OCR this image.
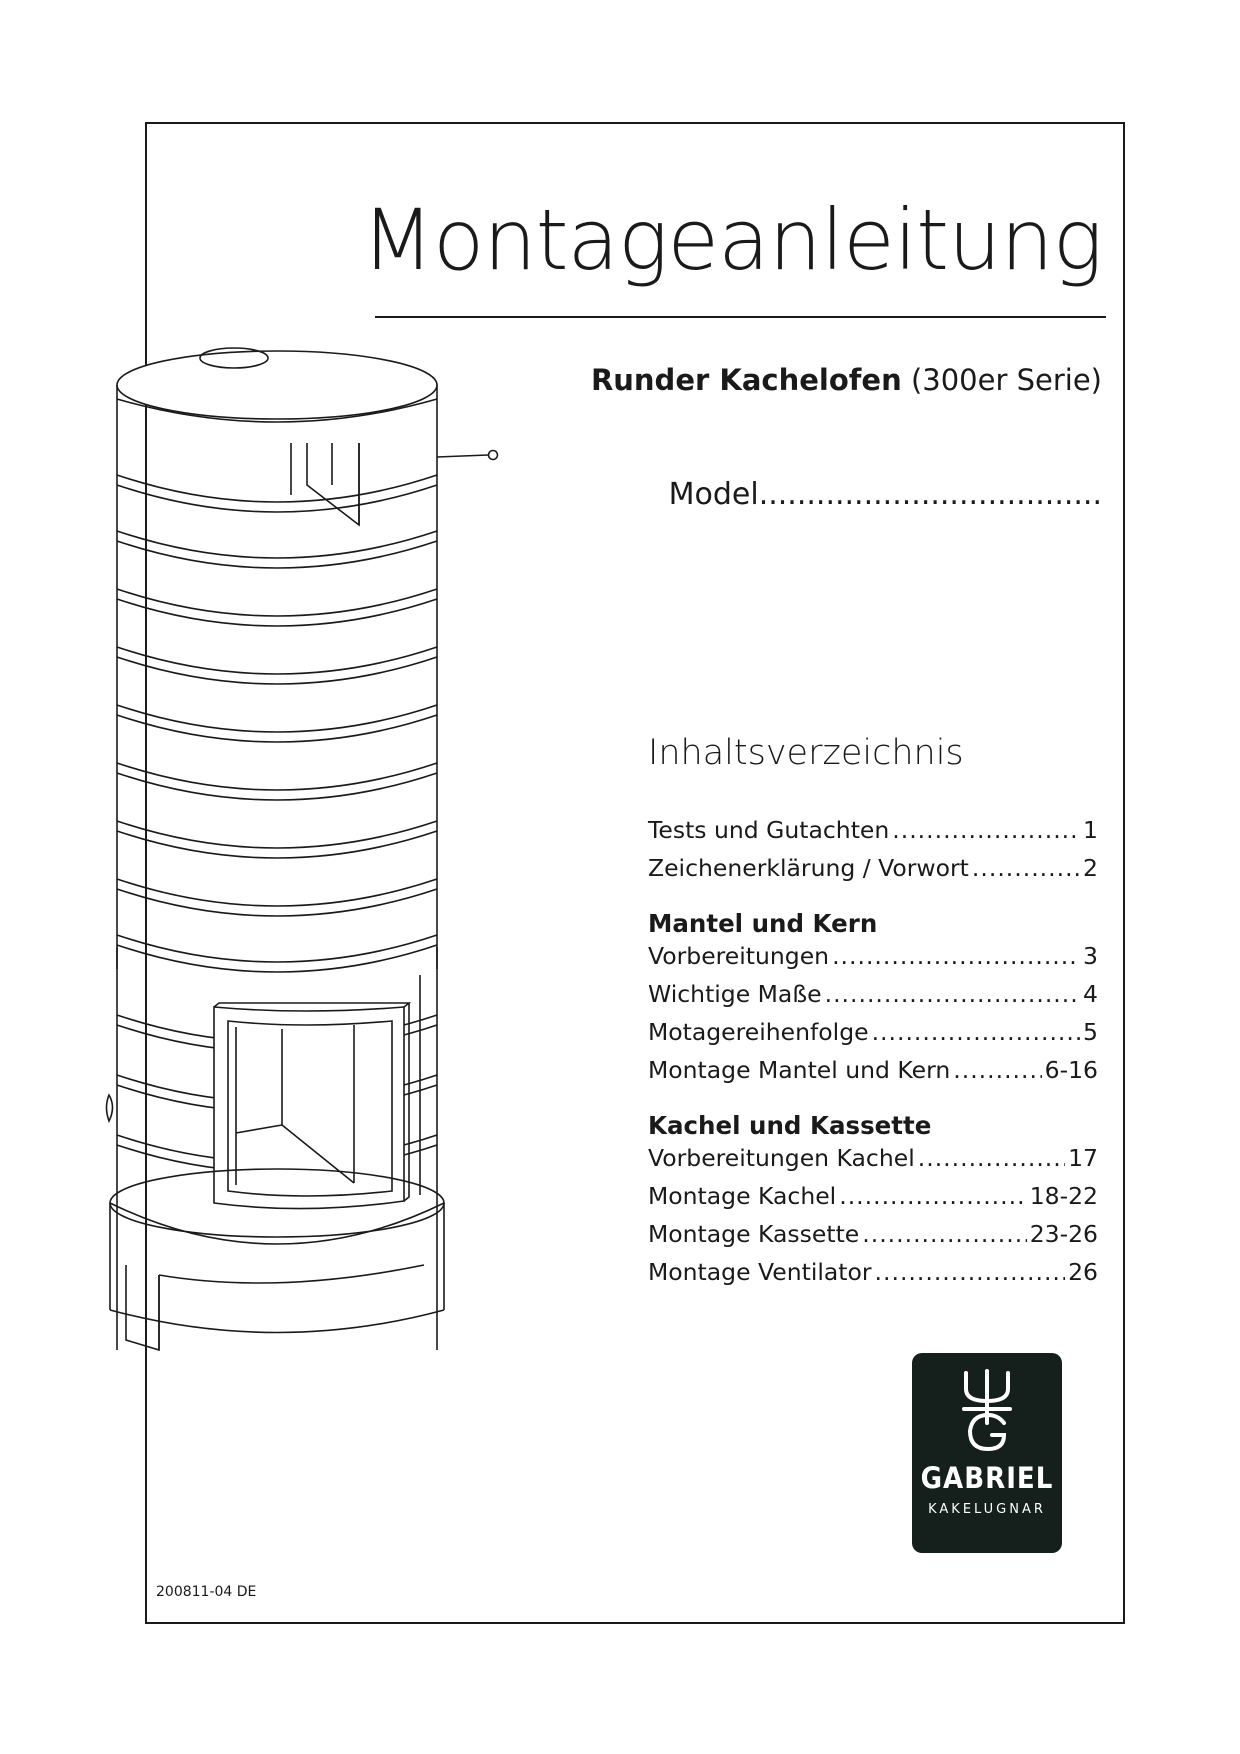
Montageanleitung
Runder Kachelofen (300er Serie)
Model....................................
Inhaltsverzeichnis
Tests und Gutachten .....	1
Zeichenerklärung / Vorwort .....	2
Mantel und Kern
Vorbereitungen .....	3
Wichtige Maße .....	4
Motagereihenfolge .....	5
Montage Mantel und Kern .....	6-16
Kachel und Kassette
Vorbereitungen Kachel .....	17
Montage Kachel .....	18-22
Montage Kassette .....	23-26
Montage Ventilator .....	26
GABRIEL
KAKELUGNAR
200811-04 DE
